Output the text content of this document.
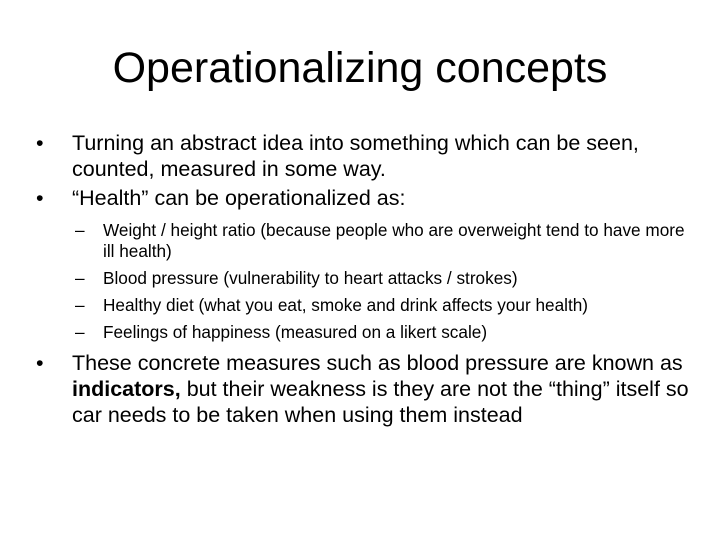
Operationalizing concepts

• Turning an abstract idea into something which can be seen, counted, measured in some way.

• “Health” can be operationalized as:

– Weight / height ratio (because people who are overweight tend to have more ill health)

– Blood pressure (vulnerability to heart attacks / strokes)

– Healthy diet (what you eat, smoke and drink affects your health)

– Feelings of happiness (measured on a likert scale)

• These concrete measures such as blood pressure are known as indicators, but their weakness is they are not the “thing” itself so car needs to be taken when using them instead
